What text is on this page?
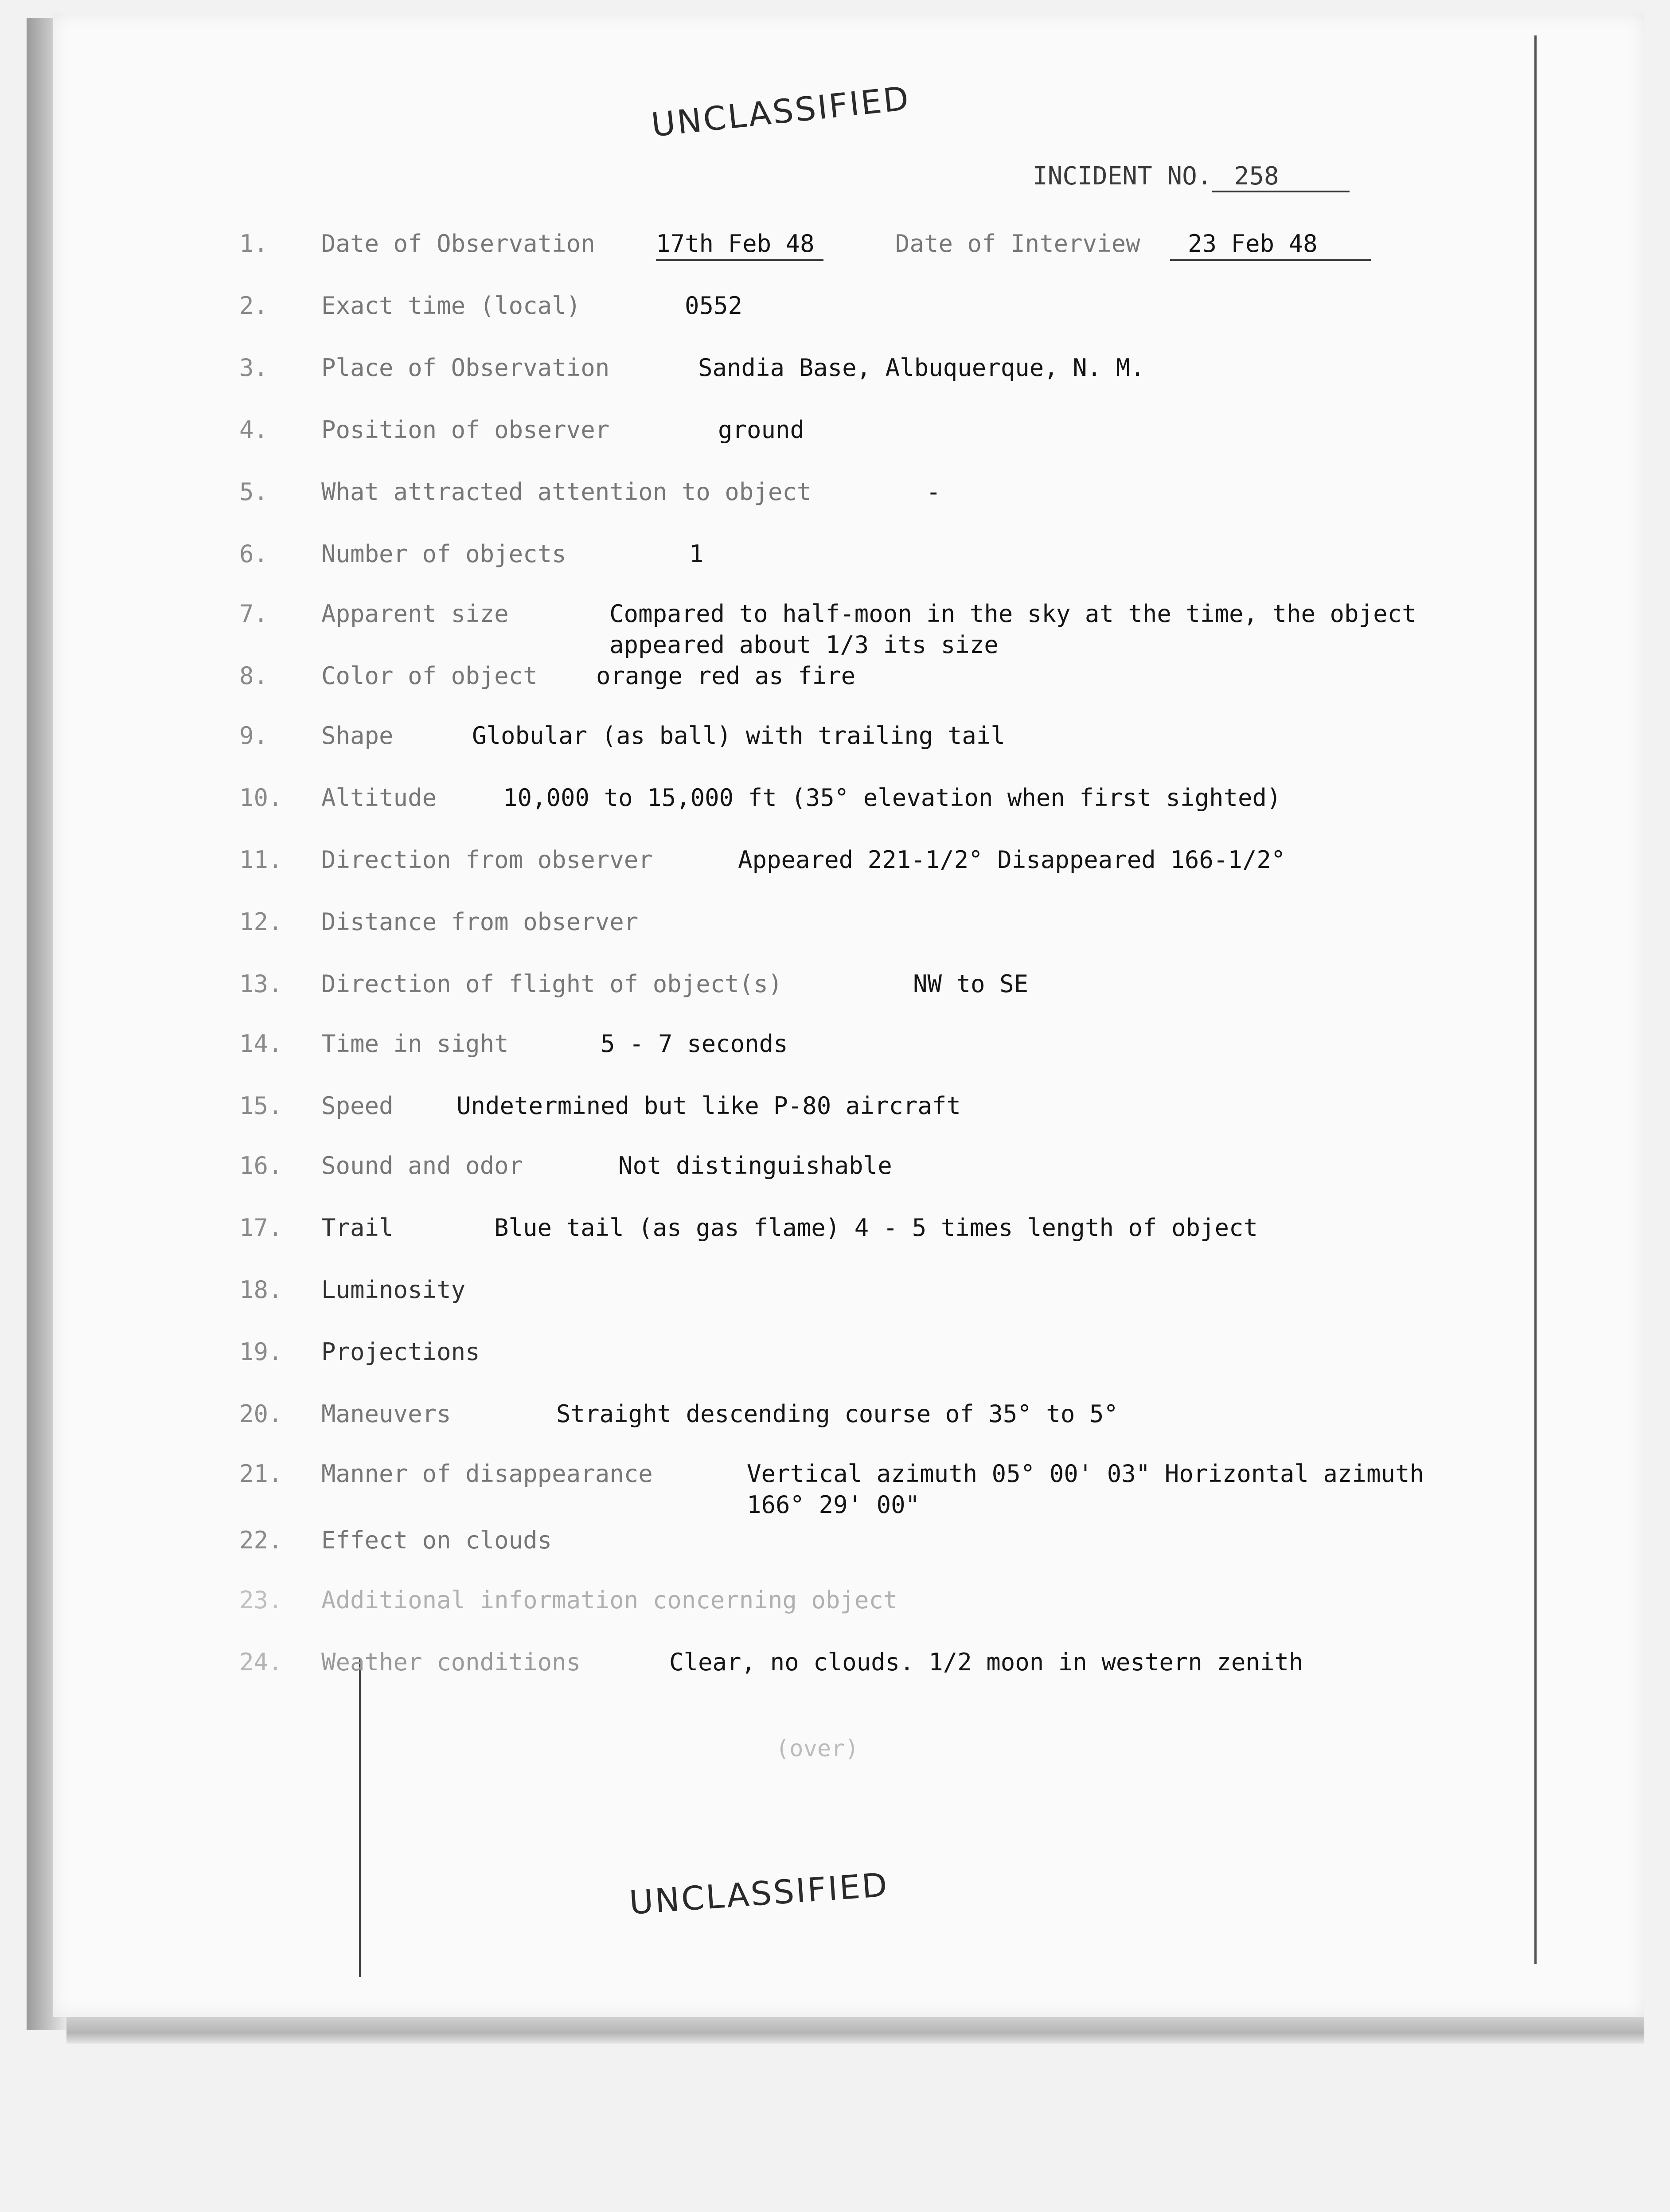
UNCLASSIFIED
INCIDENT NO. 258
1.	Date of Observation	17th Feb 48	Date of Interview	23 Feb 48
2.	Exact time (local)	0552
3.	Place of Observation	Sandia Base, Albuquerque, N. M.
4.	Position of observer	ground
5.	What attracted attention to object	-
6.	Number of objects	1
7.	Apparent size	Compared to half-moon in the sky at the time, the object
appeared about 1/3 its size
8.	Color of object orange red as fire
9.	Shape	Globular (as ball) with trailing tail
10.	Altitude	10,000 to 15,000 ft (35° elevation when first sighted)
11.	Direction from observer	Appeared 221-1/2° Disappeared 166-1/2°
12.	Distance from observer
13.	Direction of flight of object(s)	NW to SE
14.	Time in sight	5 - 7 seconds
15.	Speed	Undetermined but like P-80 aircraft
16.	Sound and odor	Not distinguishable
17.	Trail	Blue tail (as gas flame) 4 - 5 times length of object
18.	Luminosity
19.	Projections
20.	Maneuvers	Straight descending course of 35° to 5°
21.	Manner of disappearance	Vertical azimuth 05° 00' 03" Horizontal azimuth
166° 29' 00"
22.	Effect on clouds
23.	Additional information concerning object
24.	Weather conditions	Clear, no clouds. 1/2 moon in western zenith
(over)
UNCLASSIFIED
